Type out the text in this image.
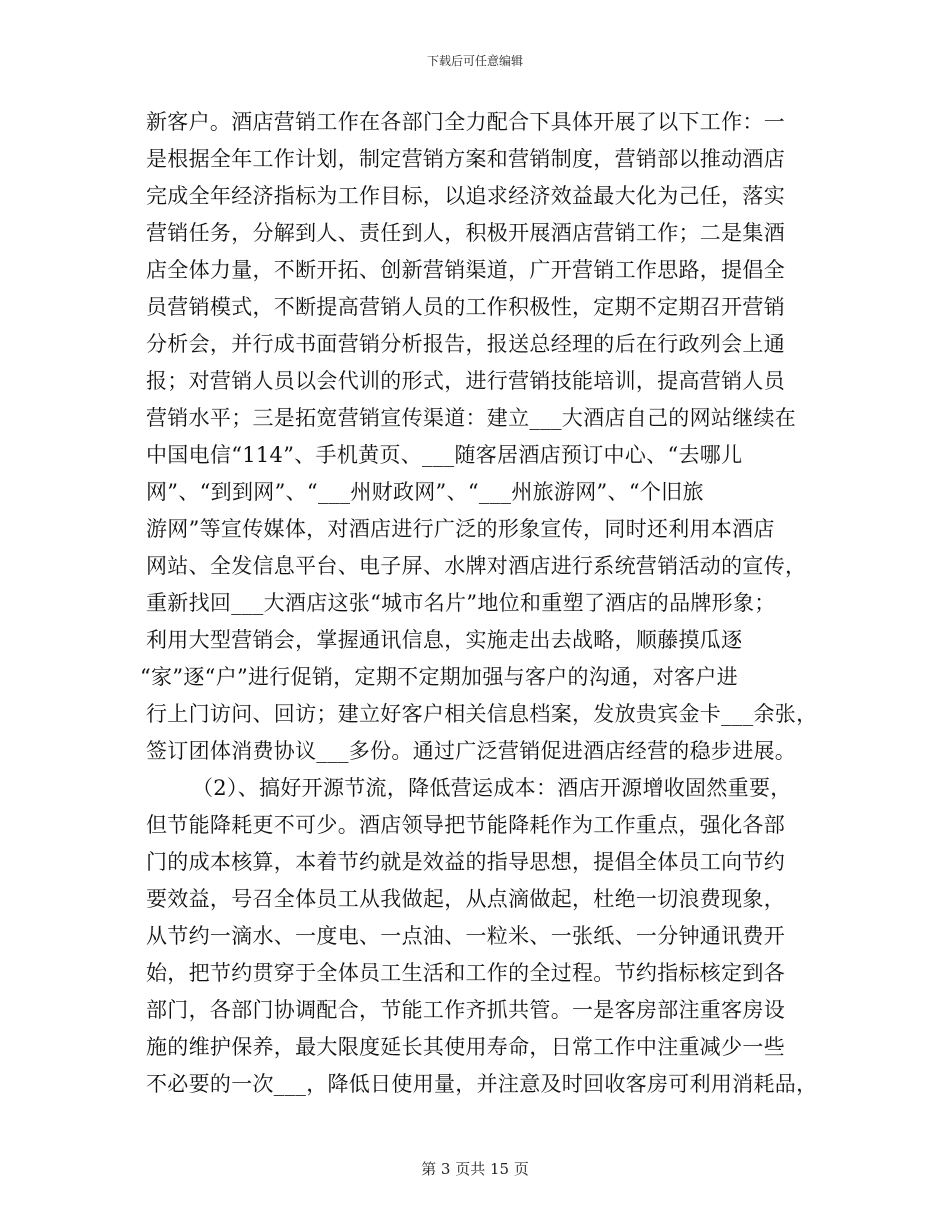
下载后可任意编辑
新客户。酒店营销工作在各部门全力配合下具体开展了以下工作：一
是根据全年工作计划，制定营销方案和营销制度，营销部以推动酒店
完成全年经济指标为工作目标，以追求经济效益最大化为己任，落实
营销任务，分解到人、责任到人，积极开展酒店营销工作；二是集酒
店全体力量，不断开拓、创新营销渠道，广开营销工作思路，提倡全
员营销模式，不断提高营销人员的工作积极性，定期不定期召开营销
分析会，并行成书面营销分析报告，报送总经理的后在行政列会上通
报；对营销人员以会代训的形式，进行营销技能培训，提高营销人员
营销水平；三是拓宽营销宣传渠道：建立___大酒店自己的网站继续在
中国电信“114”、手机黄页、___随客居酒店预订中心、“去哪儿
网”、“到到网”、“___州财政网”、“___州旅游网”、“个旧旅
游网”等宣传媒体，对酒店进行广泛的形象宣传，同时还利用本酒店
网站、全发信息平台、电子屏、水牌对酒店进行系统营销活动的宣传，
重新找回___大酒店这张“城市名片”地位和重塑了酒店的品牌形象；
利用大型营销会，掌握通讯信息，实施走出去战略，顺藤摸瓜逐
“家”逐“户”进行促销，定期不定期加强与客户的沟通，对客户进
行上门访问、回访；建立好客户相关信息档案，发放贵宾金卡___余张，
签订团体消费协议___多份。通过广泛营销促进酒店经营的稳步进展。
（2）、搞好开源节流，降低营运成本：酒店开源增收固然重要，
但节能降耗更不可少。酒店领导把节能降耗作为工作重点，强化各部
门的成本核算，本着节约就是效益的指导思想，提倡全体员工向节约
要效益，号召全体员工从我做起，从点滴做起，杜绝一切浪费现象，
从节约一滴水、一度电、一点油、一粒米、一张纸、一分钟通讯费开
始，把节约贯穿于全体员工生活和工作的全过程。节约指标核定到各
部门，各部门协调配合，节能工作齐抓共管。一是客房部注重客房设
施的维护保养，最大限度延长其使用寿命，日常工作中注重减少一些
不必要的一次___，降低日使用量，并注意及时回收客房可利用消耗品，
第 3 页共 15 页
